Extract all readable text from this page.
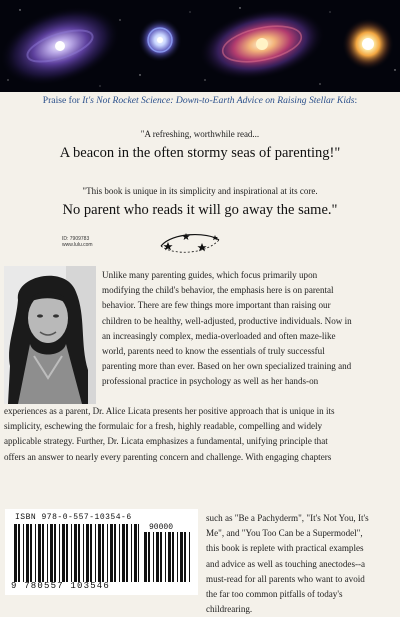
Praise for It's Not Rocket Science: Down-to-Earth Advice on Raising Stellar Kids:
"A refreshing, worthwhile read...
A beacon in the often stormy seas of parenting!"
"This book is unique in its simplicity and inspirational at its core.
No parent who reads it will go away the same."
ID: 7909783
www.lulu.com
Unlike many parenting guides, which focus primarily upon
modifying the child's behavior, the emphasis here is on parental
behavior. There are few things more important than raising our
children to be healthy, well-adjusted, productive individuals. Now in
an increasingly complex, media-overloaded and often maze-like
world, parents need to know the essentials of truly successful
parenting more than ever. Based on her own specialized training and
professional practice in psychology as well as her hands-on
experiences as a parent, Dr. Alice Licata presents her positive approach that is unique in its
simplicity, eschewing the formulaic for a fresh, highly readable, compelling and widely
applicable strategy. Further, Dr. Licata emphasizes a fundamental, unifying principle that
offers an answer to nearly every parenting concern and challenge. With engaging chapters
such as "Be a Pachyderm", "It's Not You, It's
Me", and "You Too Can be a Supermodel",
this book is replete with practical examples
and advice as well as touching anectodes--a
must-read for all parents who want to avoid
the far too common pitfalls of today's
childrearing.
ISBN 978-0-557-10354-6
90000
9 780557 103546
